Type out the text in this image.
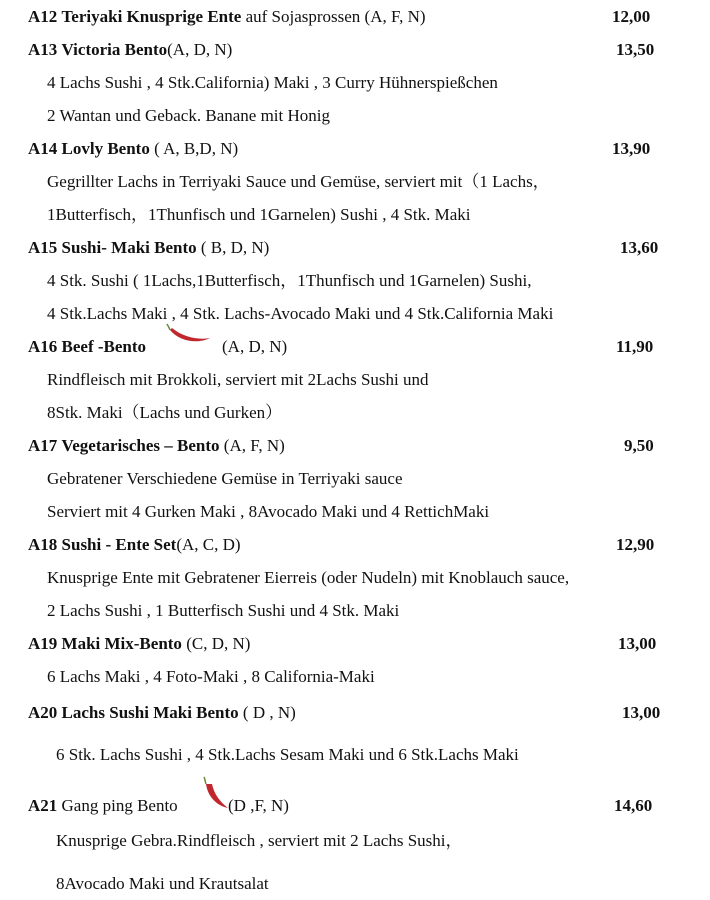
A12 Teriyaki Knusprige Ente auf Sojasprossen (A, F, N)	12,00
A13 Victoria Bento(A, D, N)	13,50
4 Lachs Sushi , 4 Stk.California) Maki , 3 Curry Hühnerspießchen
2 Wantan und Geback. Banane mit Honig
A14 Lovly Bento ( A, B,D, N)	13,90
Gegrillter Lachs in Terriyaki Sauce und Gemüse, serviert mit（1 Lachs，
1Butterfisch，1Thunfisch und 1Garnelen) Sushi , 4 Stk. Maki
A15 Sushi- Maki Bento ( B, D, N)	13,60
4 Stk. Sushi ( 1Lachs,1Butterfisch，1Thunfisch und 1Garnelen) Sushi,
4 Stk.Lachs Maki , 4 Stk. Lachs-Avocado Maki und 4 Stk.California Maki
A16 Beef -Bento	(A, D, N)	11,90
Rindfleisch mit Brokkoli, serviert mit 2Lachs Sushi und
8Stk. Maki（Lachs und Gurken）
A17 Vegetarisches – Bento (A, F, N)	9,50
Gebratener Verschiedene Gemüse in Terriyaki sauce
Serviert mit 4 Gurken Maki , 8Avocado Maki und 4 RettichMaki
A18 Sushi - Ente Set(A, C, D)	12,90
Knusprige Ente mit Gebratener Eierreis (oder Nudeln) mit Knoblauch sauce,
2 Lachs Sushi , 1 Butterfisch Sushi und 4 Stk. Maki
A19 Maki Mix-Bento (C, D, N)	13,00
6 Lachs Maki , 4 Foto-Maki , 8 California-Maki
A20 Lachs Sushi Maki Bento ( D , N)	13,00
6 Stk. Lachs Sushi , 4 Stk.Lachs Sesam Maki und 6 Stk.Lachs Maki
A21 Gang ping Bento	(D ,F, N)	14,60
Knusprige Gebra.Rindfleisch , serviert mit 2 Lachs Sushi，
8Avocado Maki und Krautsalat
